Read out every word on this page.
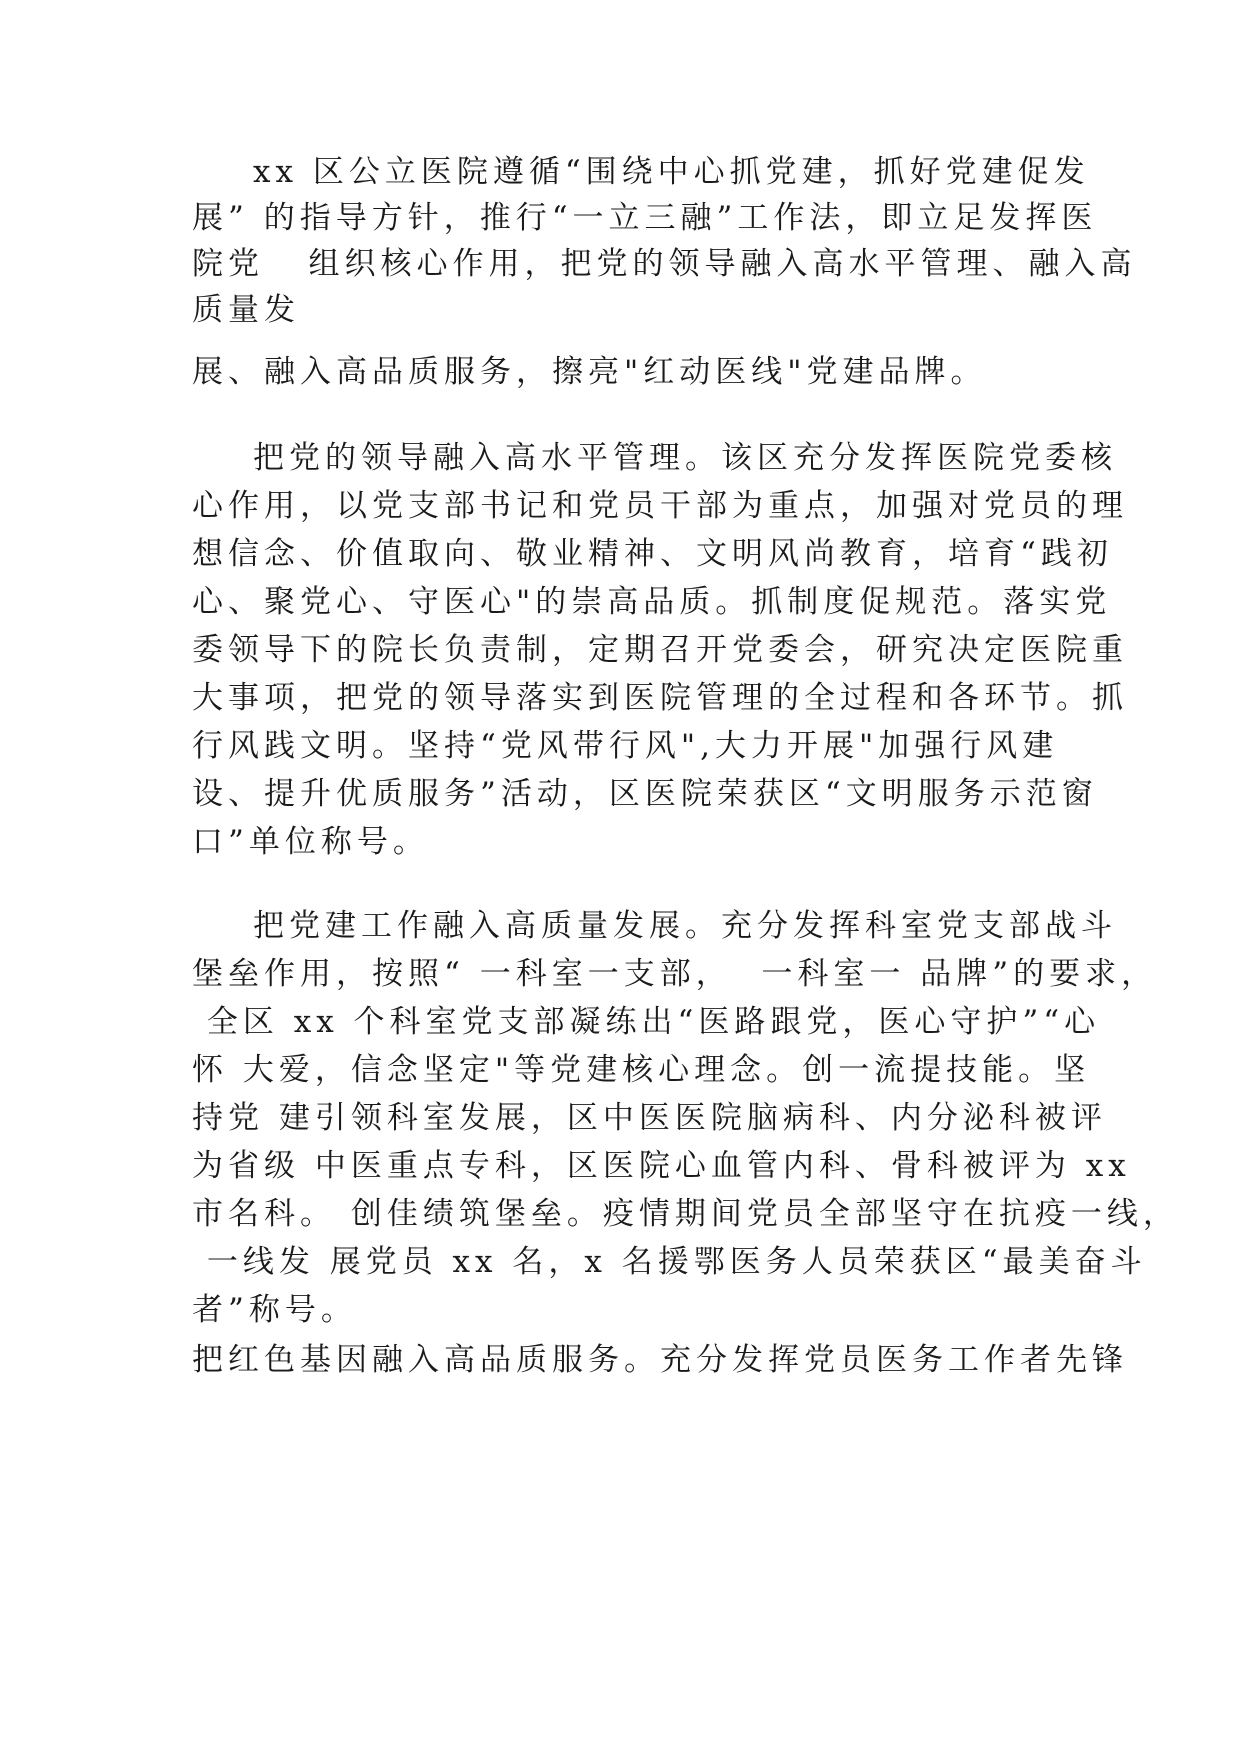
xx 区公立医院遵循“围绕中心抓党建，抓好党建促发
展” 的指导方针，推行“一立三融”工作法，即立足发挥医
院党   组织核心作用，把党的领导融入高水平管理、融入高
质量发
展、融入高品质服务，擦亮"红动医线"党建品牌。
把党的领导融入高水平管理。该区充分发挥医院党委核
心作用，以党支部书记和党员干部为重点，加强对党员的理
想信念、价值取向、敬业精神、文明风尚教育，培育“践初
心、聚党心、守医心"的崇高品质。抓制度促规范。落实党
委领导下的院长负责制，定期召开党委会，研究决定医院重
大事项，把党的领导落实到医院管理的全过程和各环节。抓
行风践文明。坚持“党风带行风",大力开展"加强行风建
设、提升优质服务”活动，区医院荣获区“文明服务示范窗
口”单位称号。
把党建工作融入高质量发展。充分发挥科室党支部战斗
堡垒作用，按照“ 一科室一支部，  一科室一 品牌”的要求，
全区 xx 个科室党支部凝练出“医路跟党，医心守护”“心
怀 大爱，信念坚定"等党建核心理念。创一流提技能。坚
持党 建引领科室发展，区中医医院脑病科、内分泌科被评
为省级 中医重点专科，区医院心血管内科、骨科被评为 xx
市名科。 创佳绩筑堡垒。疫情期间党员全部坚守在抗疫一线，
一线发 展党员 xx 名，x 名援鄂医务人员荣获区“最美奋斗
者”称号。
把红色基因融入高品质服务。充分发挥党员医务工作者先锋
